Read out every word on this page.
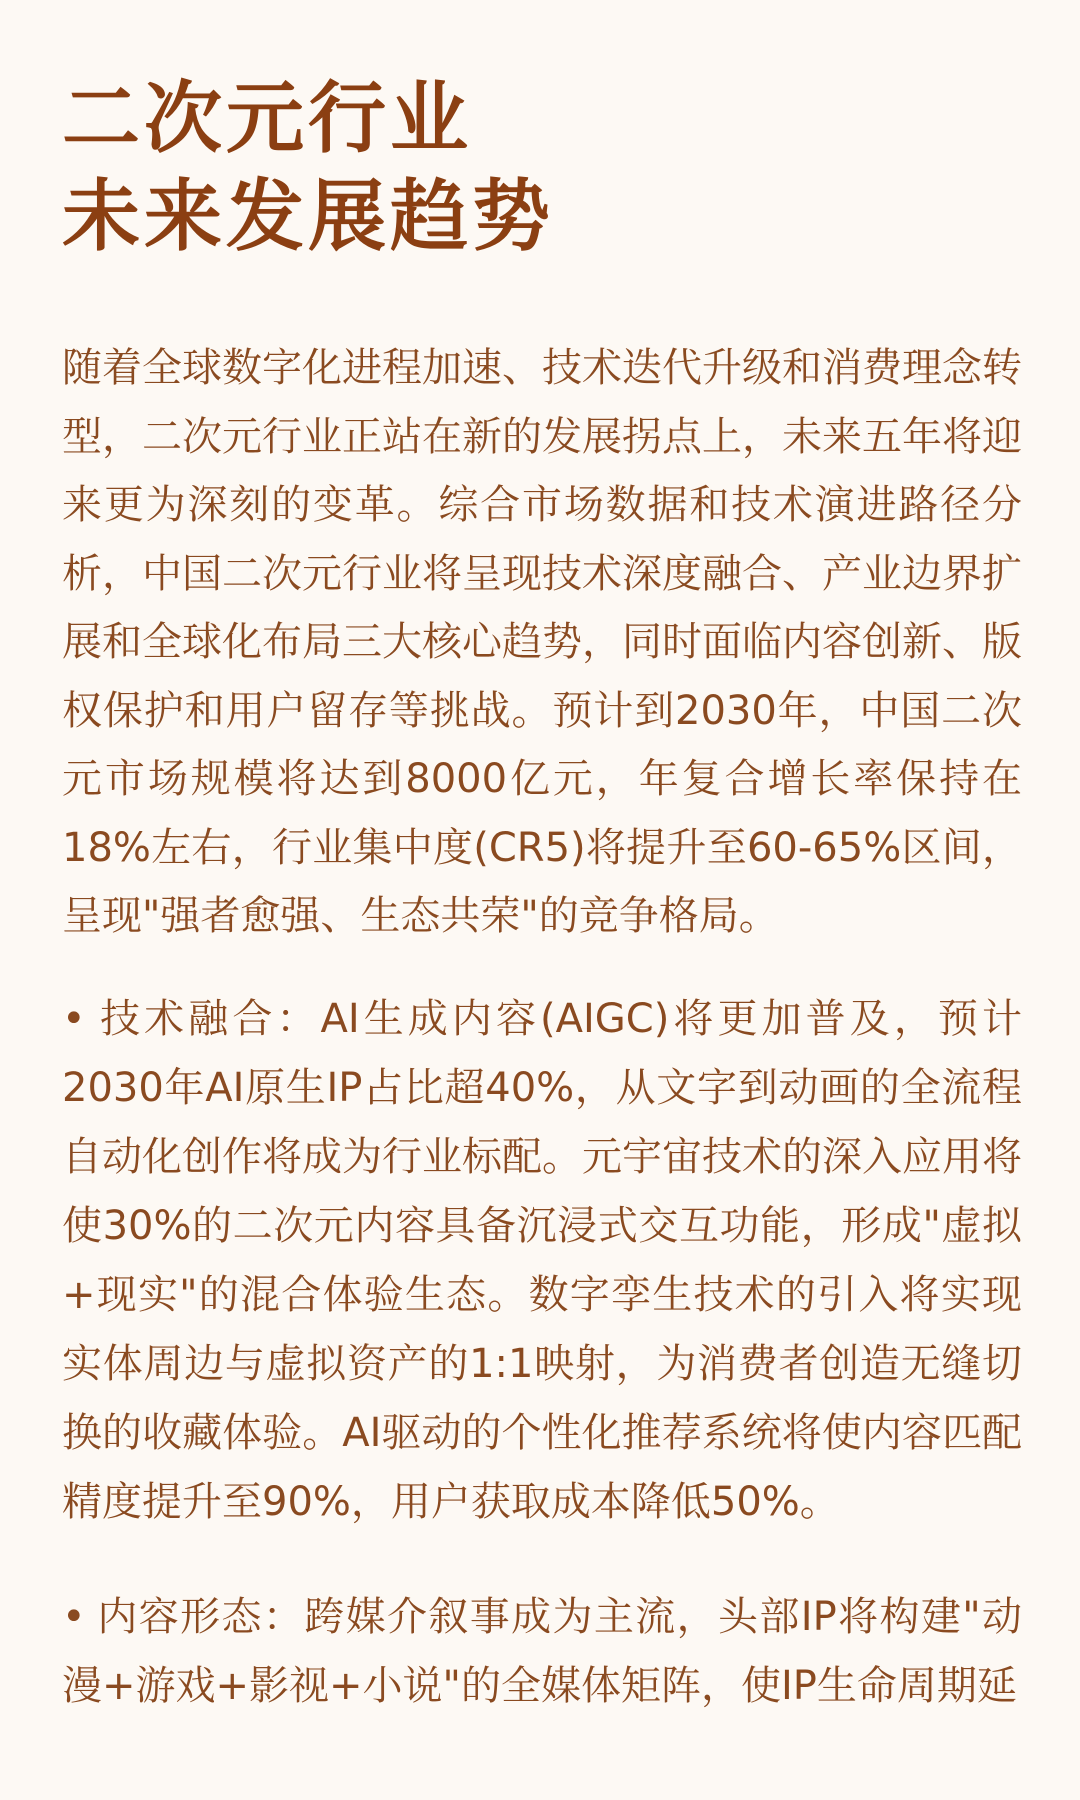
二次元行业
未来发展趋势

随着全球数字化进程加速、技术迭代升级和消费理念转型，二次元行业正站在新的发展拐点上，未来五年将迎来更为深刻的变革。综合市场数据和技术演进路径分析，中国二次元行业将呈现技术深度融合、产业边界扩展和全球化布局三大核心趋势，同时面临内容创新、版权保护和用户留存等挑战。预计到2030年，中国二次元市场规模将达到8000亿元，年复合增长率保持在18%左右，行业集中度(CR5)将提升至60-65%区间，呈现"强者愈强、生态共荣"的竞争格局。

• 技术融合：AI生成内容(AIGC)将更加普及，预计2030年AI原生IP占比超40%，从文字到动画的全流程自动化创作将成为行业标配。元宇宙技术的深入应用将使30%的二次元内容具备沉浸式交互功能，形成"虚拟+现实"的混合体验生态。数字孪生技术的引入将实现实体周边与虚拟资产的1:1映射，为消费者创造无缝切换的收藏体验。AI驱动的个性化推荐系统将使内容匹配精度提升至90%，用户获取成本降低50%。

• 内容形态：跨媒介叙事成为主流，头部IP将构建"动漫+游戏+影视+小说"的全媒体矩阵，使IP生命周期延
